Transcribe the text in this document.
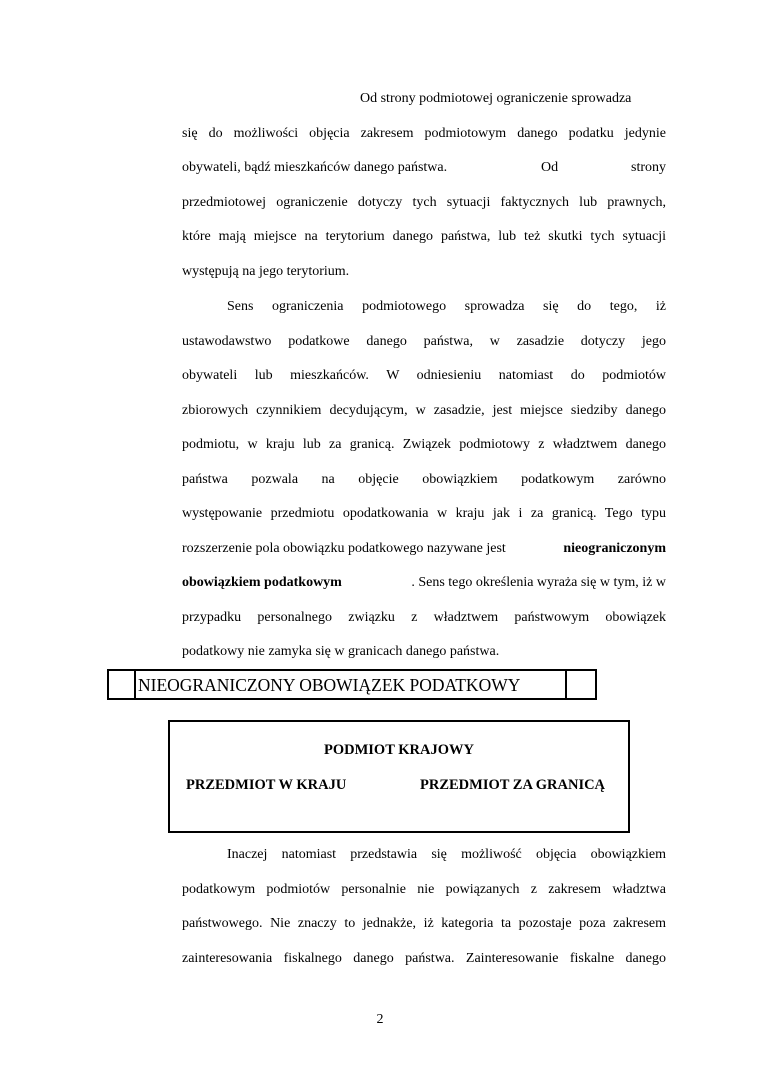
Od strony podmiotowej ograniczenie sprowadza
się do możliwości objęcia zakresem podmiotowym danego podatku jedynie
obywateli, bądź mieszkańców danego państwa.	Od	strony
przedmiotowej ograniczenie dotyczy tych sytuacji faktycznych lub prawnych,
które mają miejsce na terytorium danego państwa, lub też skutki tych sytuacji
występują na jego terytorium.
Sens ograniczenia podmiotowego sprowadza się do tego, iż
ustawodawstwo podatkowe danego państwa, w zasadzie dotyczy jego
obywateli lub mieszkańców. W odniesieniu natomiast do podmiotów
zbiorowych czynnikiem decydującym, w zasadzie, jest miejsce siedziby danego
podmiotu, w kraju lub za granicą. Związek podmiotowy z władztwem danego
państwa pozwala na objęcie obowiązkiem podatkowym zarówno
występowanie przedmiotu opodatkowania w kraju jak i za granicą. Tego typu
rozszerzenie pola obowiązku podatkowego nazywane jest	nieograniczonym
obowiązkiem podatkowym	. Sens tego określenia wyraża się w tym, iż w
przypadku personalnego związku z władztwem państwowym obowiązek
podatkowy nie zamyka się w granicach danego państwa.
NIEOGRANICZONY OBOWIĄZEK PODATKOWY
PODMIOT KRAJOWY
PRZEDMIOT W KRAJU	PRZEDMIOT ZA GRANICĄ
Inaczej natomiast przedstawia się możliwość objęcia obowiązkiem
podatkowym podmiotów personalnie nie powiązanych z zakresem władztwa
państwowego. Nie znaczy to jednakże, iż kategoria ta pozostaje poza zakresem
zainteresowania fiskalnego danego państwa. Zainteresowanie fiskalne danego
2
